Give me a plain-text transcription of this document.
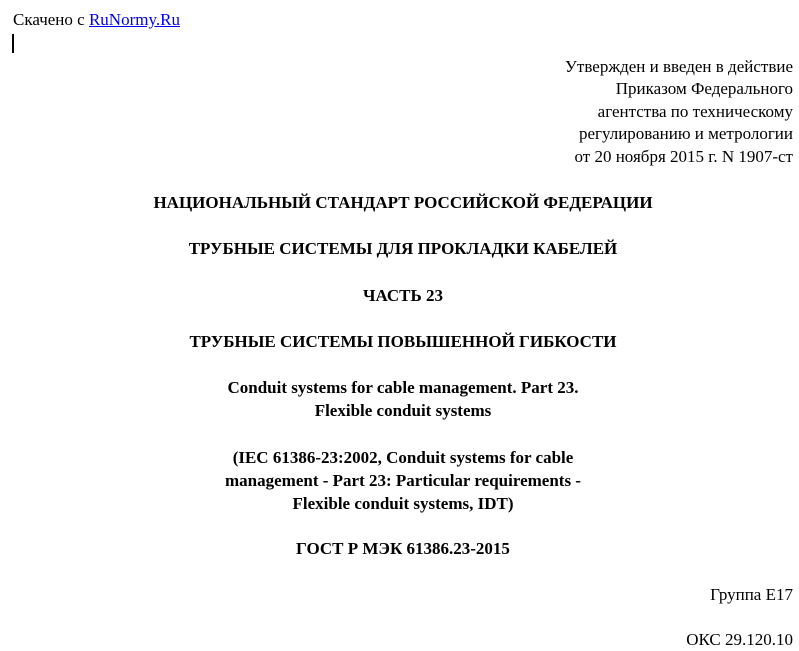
Скачено с RuNormy.Ru
Утвержден и введен в действие
Приказом Федерального
агентства по техническому
регулированию и метрологии
от 20 ноября 2015 г. N 1907-ст
НАЦИОНАЛЬНЫЙ СТАНДАРТ РОССИЙСКОЙ ФЕДЕРАЦИИ
ТРУБНЫЕ СИСТЕМЫ ДЛЯ ПРОКЛАДКИ КАБЕЛЕЙ
ЧАСТЬ 23
ТРУБНЫЕ СИСТЕМЫ ПОВЫШЕННОЙ ГИБКОСТИ
Conduit systems for cable management. Part 23.
Flexible conduit systems
(IEC 61386-23:2002, Conduit systems for cable
management - Part 23: Particular requirements -
Flexible conduit systems, IDT)
ГОСТ Р МЭК 61386.23-2015
Группа Е17
ОКС 29.120.10
